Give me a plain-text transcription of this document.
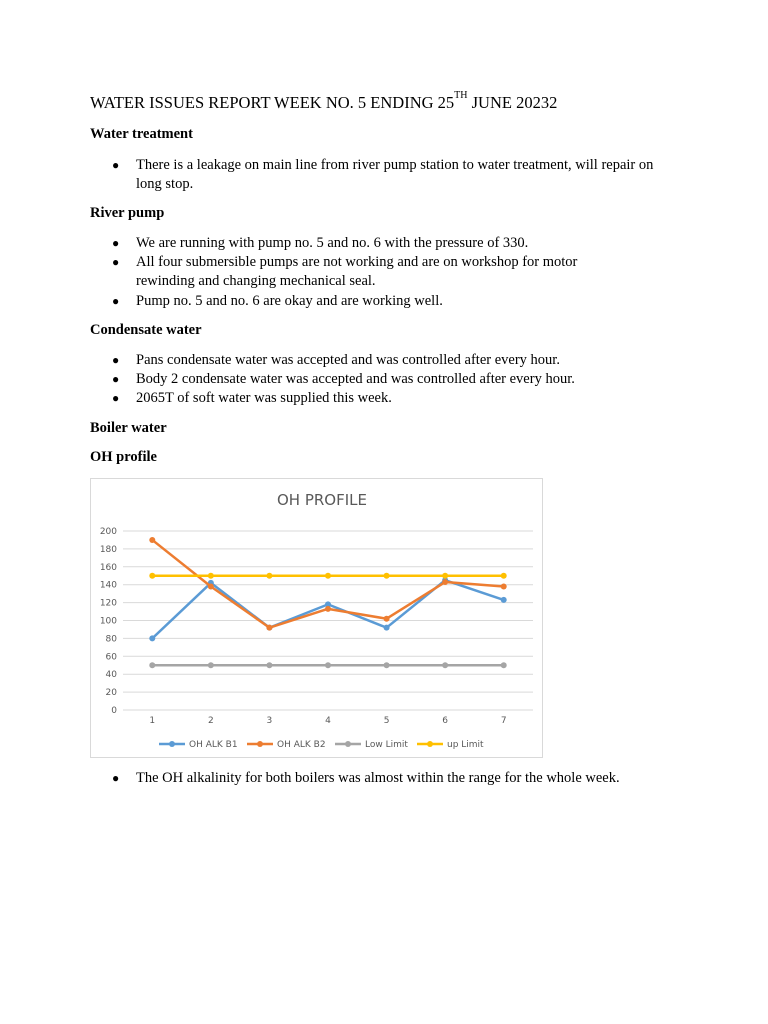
WATER ISSUES REPORT WEEK NO. 5 ENDING 25TH JUNE 20232
Water treatment
● There is a leakage on main line from river pump station to water treatment, will repair on long stop.
River pump
● We are running with pump no. 5 and no. 6 with the pressure of 330.
● All four submersible pumps are not working and are on workshop for motor rewinding and changing mechanical seal.
● Pump no. 5 and no. 6 are okay and are working well.
Condensate water
● Pans condensate water was accepted and was controlled after every hour.
● Body 2 condensate water was accepted and was controlled after every hour.
● 2065T of soft water was supplied this week.
Boiler water
OH profile
OH PROFILE
0
20
40
60
80
100
120
140
160
180
200
1	2	3	4	5	6	7
OH ALK B1	OH ALK B2	Low Limit	up Limit
● The OH alkalinity for both boilers was almost within the range for the whole week.
